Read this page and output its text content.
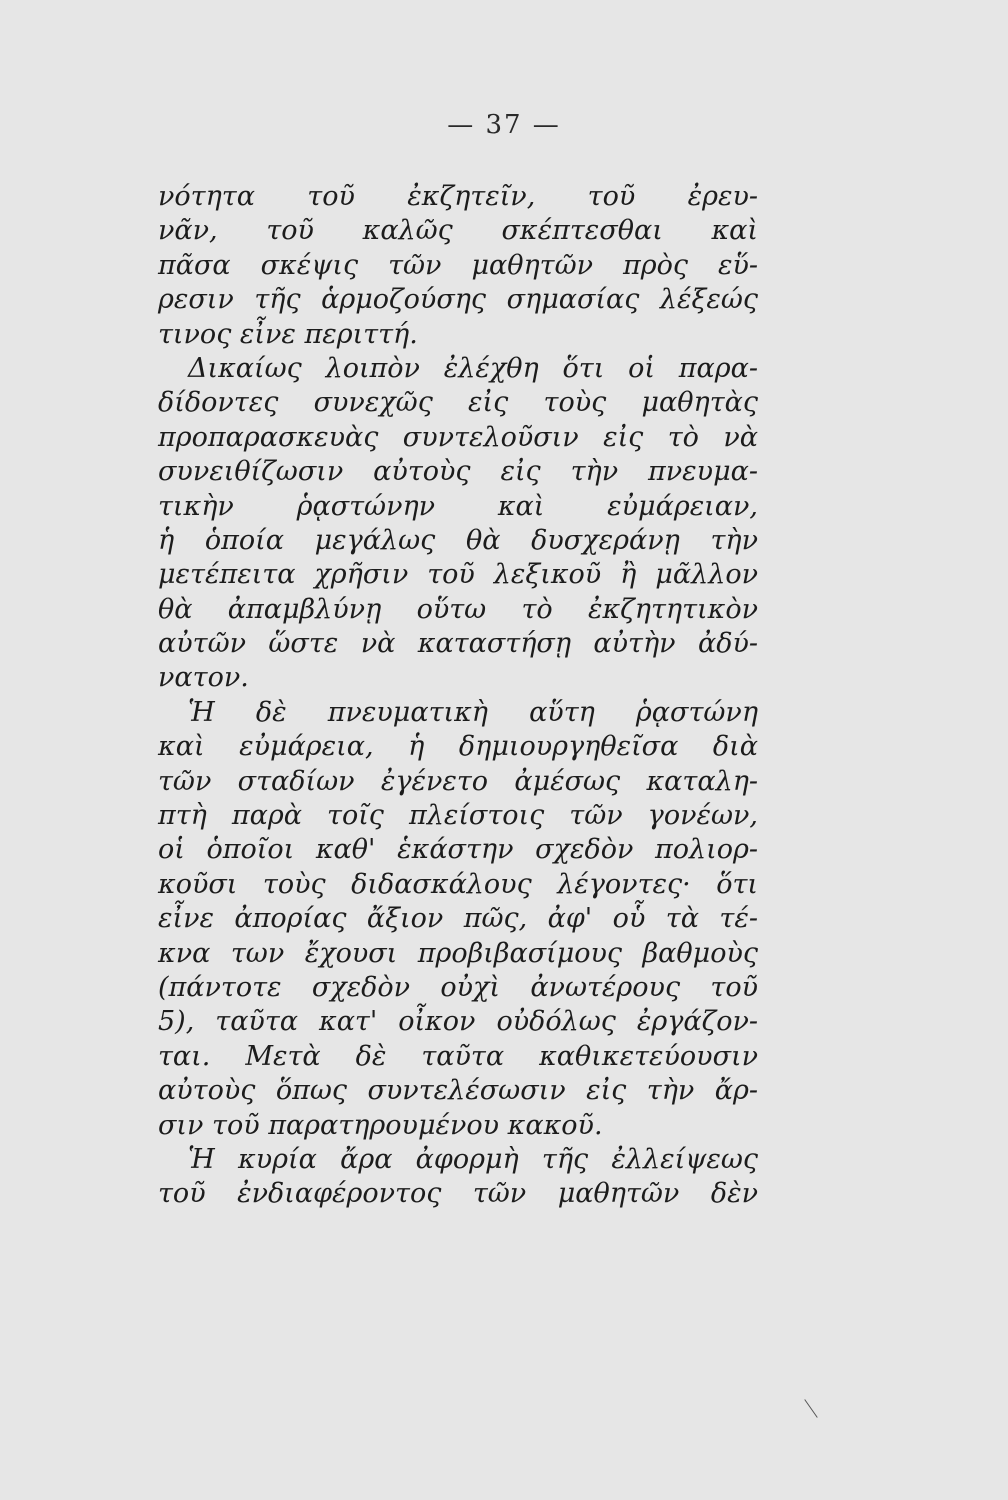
— 37 —
νότητα τοῦ ἐκζητεῖν, τοῦ ἐρευ-
νᾶν, τοῦ καλῶς σκέπτεσθαι καὶ
πᾶσα σκέψις τῶν μαθητῶν πρὸς εὕ-
ρεσιν τῆς ἁρμοζούσης σημασίας λέξεώς
τινος εἶνε περιττή.
Δικαίως λοιπὸν ἐλέχθη ὅτι οἱ παρα-
δίδοντες συνεχῶς εἰς τοὺς μαθητὰς
προπαρασκευὰς συντελοῦσιν εἰς τὸ νὰ
συνειθίζωσιν αὐτοὺς εἰς τὴν πνευμα-
τικὴν ῥᾳστώνην καὶ εὐμάρειαν,
ἡ ὁποία μεγάλως θὰ δυσχεράνῃ τὴν
μετέπειτα χρῆσιν τοῦ λεξικοῦ ἢ μᾶλλον
θὰ ἀπαμβλύνῃ οὕτω τὸ ἐκζητητικὸν
αὐτῶν ὥστε νὰ καταστήσῃ αὐτὴν ἀδύ-
νατον.
Ἡ δὲ πνευματικὴ αὕτη ῥᾳστώνη
καὶ εὐμάρεια, ἡ δημιουργηθεῖσα διὰ
τῶν σταδίων ἐγένετο ἀμέσως καταλη-
πτὴ παρὰ τοῖς πλείστοις τῶν γονέων,
οἱ ὁποῖοι καθ' ἑκάστην σχεδὸν πολιορ-
κοῦσι τοὺς διδασκάλους λέγοντες· ὅτι
εἶνε ἀπορίας ἄξιον πῶς, ἀφ' οὗ τὰ τέ-
κνα των ἔχουσι προβιβασίμους βαθμοὺς
(πάντοτε σχεδὸν οὐχὶ ἀνωτέρους τοῦ
5), ταῦτα κατ' οἶκον οὐδόλως ἐργάζον-
ται. Μετὰ δὲ ταῦτα καθικετεύουσιν
αὐτοὺς ὅπως συντελέσωσιν εἰς τὴν ἄρ-
σιν τοῦ παρατηρουμένου κακοῦ.
Ἡ κυρία ἄρα ἀφορμὴ τῆς ἐλλείψεως
τοῦ ἐνδιαφέροντος τῶν μαθητῶν δὲν
